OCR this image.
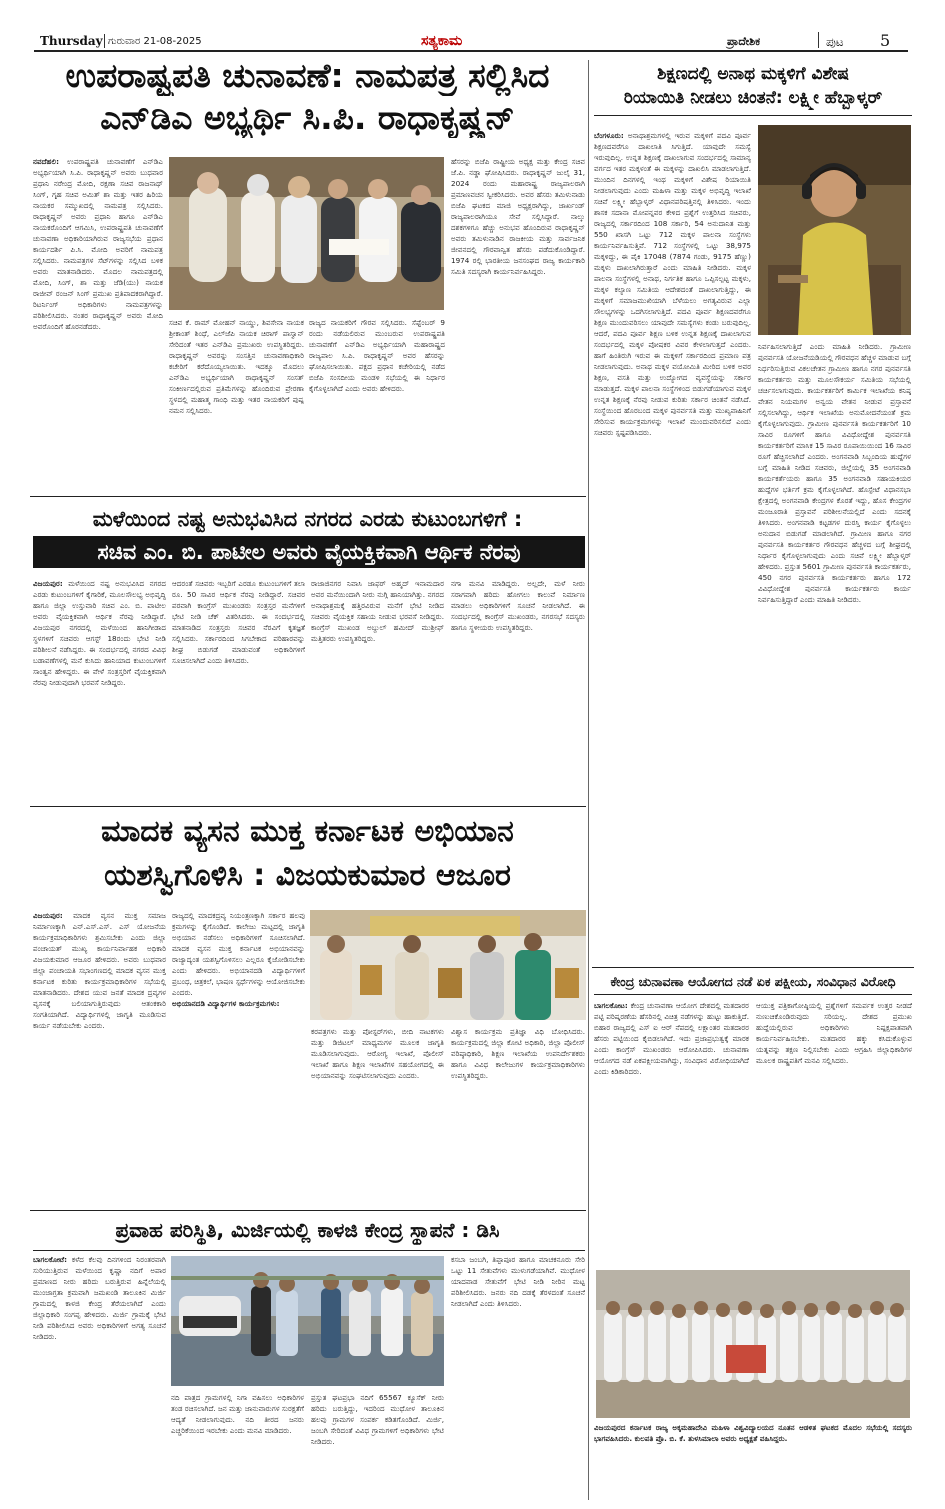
Thursday ಗುರುವಾರ 21-08-2025	ಸತ್ಯಕಾಮ	ಪ್ರಾದೇಶಿಕ	ಪುಟ 5
ಉಪರಾಷ್ಟ್ರಪತಿ ಚುನಾವಣೆ: ನಾಮಪತ್ರ ಸಲ್ಲಿಸಿದ
ಎನ್‌ಡಿಎ ಅಭ್ಯರ್ಥಿ ಸಿ.ಪಿ. ರಾಧಾಕೃಷ್ಣನ್
ನವದೆಹಲಿ: ಉಪರಾಷ್ಟ್ರಪತಿ ಚುನಾವಣೆಗೆ ಎನ್‌ಡಿಎ ಅಭ್ಯರ್ಥಿಯಾಗಿ ಸಿ.ಪಿ. ರಾಧಾಕೃಷ್ಣನ್ ಅವರು ಬುಧವಾರ ಪ್ರಧಾನಿ ನರೇಂದ್ರ ಮೋದಿ, ರಕ್ಷಣಾ ಸಚಿವ ರಾಜನಾಥ್ ಸಿಂಗ್, ಗೃಹ ಸಚಿವ ಅಮಿತ್ ಶಾ ಮತ್ತು ಇತರ ಹಿರಿಯ ನಾಯಕರ ಸಮ್ಮುಖದಲ್ಲಿ ನಾಮಪತ್ರ ಸಲ್ಲಿಸಿದರು. ರಾಧಾಕೃಷ್ಣನ್ ಅವರು ಪ್ರಧಾನಿ ಹಾಗೂ ಎನ್‌ಡಿಎ ನಾಯಕರೊಂದಿಗೆ ಆಗಮಿಸಿ, ಉಪರಾಷ್ಟ್ರಪತಿ ಚುನಾವಣೆಗೆ ಚುನಾವಣಾ ಅಧಿಕಾರಿಯಾಗಿರುವ ರಾಜ್ಯಸಭೆಯ ಪ್ರಧಾನ ಕಾರ್ಯದರ್ಶಿ ಪಿ.ಸಿ. ಮೋದಿ ಅವರಿಗೆ ನಾಮಪತ್ರ ಸಲ್ಲಿಸಿದರು. ನಾಮಪತ್ರಗಳ ಸೆಟ್‌ಗಳನ್ನು ಸಲ್ಲಿಸಿದ ಬಳಿಕ ಅವರು ಮಾತನಾಡಿದರು. ಮೊದಲ ನಾಮಪತ್ರದಲ್ಲಿ ಮೋದಿ, ಸಿಂಗ್, ಶಾ ಮತ್ತು ಜೆಡಿ(ಯು) ನಾಯಕ ರಾಜೀವ್ ರಂಜನ್ ಸಿಂಗ್ ಪ್ರಮುಖ ಪ್ರತಿಪಾದಕರಾಗಿದ್ದಾರೆ. ರಿಟರ್ನಿಂಗ್ ಅಧಿಕಾರಿಗಳು ನಾಮಪತ್ರಗಳನ್ನು ಪರಿಶೀಲಿಸಿದರು. ನಂತರ ರಾಧಾಕೃಷ್ಣನ್ ಅವರು ಮೋದಿ ಅವರೊಂದಿಗೆ ಹೊರನಡೆದರು.	ಸಚಿವ ಕೆ. ರಾಮ್ ಮೋಹನ್ ನಾಯ್ಡು, ಶಿವಸೇನಾ ನಾಯಕ ಶ್ರೀಕಾಂತ್ ಶಿಂಧೆ, ಎಲ್‌ಜೆಪಿ ನಾಯಕ ಚಿರಾಗ್ ಪಾಸ್ವಾನ್ ಸೇರಿದಂತೆ ಇತರ ಎನ್‌ಡಿಎ ಪ್ರಮುಖರು ಉಪಸ್ಥಿತರಿದ್ದರು. ರಾಧಾಕೃಷ್ಣನ್ ಅವರನ್ನು ಸಂಸತ್ತಿನ ಚುನಾವಣಾಧಿಕಾರಿ ಕಚೇರಿಗೆ ಕರೆದೊಯ್ಯಲಾಯಿತು. ಇದಕ್ಕೂ ಮೊದಲು ಎನ್‌ಡಿಎ ಅಭ್ಯರ್ಥಿಯಾಗಿ ರಾಧಾಕೃಷ್ಣನ್ ಸಂಸತ್ ಸಂಕೀರ್ಣದಲ್ಲಿರುವ ಪ್ರತಿಮೆಗಳನ್ನು ಹೊಂದಿರುವ ಪ್ರೇರಣಾ ಸ್ಥಳದಲ್ಲಿ ಮಹಾತ್ಮ ಗಾಂಧಿ ಮತ್ತು ಇತರ ನಾಯಕರಿಗೆ ಪುಷ್ಪ ನಮನ ಸಲ್ಲಿಸಿದರು.
ರಾಜ್ಯದ ನಾಯಕರಿಗೆ ಗೌರವ ಸಲ್ಲಿಸಿದರು. ಸೆಪ್ಟೆಂಬರ್ 9 ರಂದು ನಡೆಯಲಿರುವ ಮುಂಬರುವ ಉಪರಾಷ್ಟ್ರಪತಿ ಚುನಾವಣೆಗೆ ಎನ್‌ಡಿಎ ಅಭ್ಯರ್ಥಿಯಾಗಿ ಮಹಾರಾಷ್ಟ್ರದ ರಾಜ್ಯಪಾಲ ಸಿ.ಪಿ. ರಾಧಾಕೃಷ್ಣನ್ ಅವರ ಹೆಸರನ್ನು ಘೋಷಿಸಲಾಯಿತು. ಪಕ್ಷದ ಪ್ರಧಾನ ಕಚೇರಿಯಲ್ಲಿ ನಡೆದ ಬಿಜೆಪಿ ಸಂಸದೀಯ ಮಂಡಳಿ ಸಭೆಯಲ್ಲಿ ಈ ನಿರ್ಧಾರ ಕೈಗೊಳ್ಳಲಾಗಿದೆ ಎಂದು ಅವರು ಹೇಳಿದರು.
ಹೆಸರನ್ನು ಬಿಜೆಪಿ ರಾಷ್ಟ್ರೀಯ ಅಧ್ಯಕ್ಷ ಮತ್ತು ಕೇಂದ್ರ ಸಚಿವ ಜೆ.ಪಿ. ನಡ್ಡಾ ಘೋಷಿಸಿದರು. ರಾಧಾಕೃಷ್ಣನ್ ಜುಲೈ 31, 2024 ರಂದು ಮಹಾರಾಷ್ಟ್ರ ರಾಜ್ಯಪಾಲರಾಗಿ ಪ್ರಮಾಣವಚನ ಸ್ವೀಕರಿಸಿದರು. ಅವರ ಹೆಸರು ತಮಿಳುನಾಡು ಬಿಜೆಪಿ ಘಟಕದ ಮಾಜಿ ಅಧ್ಯಕ್ಷರಾಗಿದ್ದು, ಜಾರ್ಖಂಡ್ ರಾಜ್ಯಪಾಲರಾಗಿಯೂ ಸೇವೆ ಸಲ್ಲಿಸಿದ್ದಾರೆ. ನಾಲ್ಕು ದಶಕಗಳಿಗೂ ಹೆಚ್ಚು ಅನುಭವ ಹೊಂದಿರುವ ರಾಧಾಕೃಷ್ಣನ್ ಅವರು ತಮಿಳುನಾಡಿನ ರಾಜಕೀಯ ಮತ್ತು ಸಾರ್ವಜನಿಕ ಜೀವನದಲ್ಲಿ ಗೌರವಾನ್ವಿತ ಹೆಸರು ಪಡೆದುಕೊಂಡಿದ್ದಾರೆ. 1974 ರಲ್ಲಿ ಭಾರತೀಯ ಜನಸಂಘದ ರಾಜ್ಯ ಕಾರ್ಯಕಾರಿ ಸಮಿತಿ ಸದಸ್ಯರಾಗಿ ಕಾರ್ಯನಿರ್ವಹಿಸಿದ್ದರು.
ಶಿಕ್ಷಣದಲ್ಲಿ ಅನಾಥ ಮಕ್ಕಳಿಗೆ ವಿಶೇಷ
ರಿಯಾಯಿತಿ ನೀಡಲು ಚಿಂತನೆ: ಲಕ್ಷ್ಮೀ ಹೆಬ್ಬಾಳ್ಕರ್
ಬೆಂಗಳೂರು: ಅನಾಥಾಶ್ರಮಗಳಲ್ಲಿ ಇರುವ ಮಕ್ಕಳಿಗೆ ಪದವಿ ಪೂರ್ವ ಶಿಕ್ಷಣದವರೆಗೂ ದಾಖಲಾತಿ ಸಿಗುತ್ತಿದೆ. ಯಾವುದೇ ಸಮಸ್ಯೆ ಇರುವುದಿಲ್ಲ. ಉನ್ನತ ಶಿಕ್ಷಣಕ್ಕೆ ದಾಖಲಾಗುವ ಸಂದರ್ಭದಲ್ಲಿ ಸಾಮಾನ್ಯ ವರ್ಗದ ಇತರ ಮಕ್ಕಳಂತೆ ಈ ಮಕ್ಕಳನ್ನು ದಾಖಲಿಸಿ ಮಾಡಲಾಗುತ್ತಿದೆ. ಮುಂದಿನ ದಿನಗಳಲ್ಲಿ ಇಂಥ ಮಕ್ಕಳಿಗೆ ವಿಶೇಷ ರಿಯಾಯಿತಿ ನೀಡಲಾಗುವುದು ಎಂದು ಮಹಿಳಾ ಮತ್ತು ಮಕ್ಕಳ ಅಭಿವೃದ್ಧಿ ಇಲಾಖೆ ಸಚಿವೆ ಲಕ್ಷ್ಮೀ ಹೆಬ್ಬಾಳ್ಕರ್ ವಿಧಾನಪರಿಷತ್ತಿನಲ್ಲಿ ತಿಳಿಸಿದರು. ಇಂದು ಶಾಸಕ ಸದಾನಾ ಮೋಪನ್ನವರ ಕೇಳಿದ ಪ್ರಶ್ನೆಗೆ ಉತ್ತರಿಸಿದ ಸಚಿವರು, ರಾಜ್ಯದಲ್ಲಿ ಸರ್ಕಾರದಿಂದ 108 ಸರ್ಕಾರಿ, 54 ಅನುದಾನಿತ ಮತ್ತು 550 ಖಾಸಗಿ ಒಟ್ಟು 712 ಮಕ್ಕಳ ಪಾಲನಾ ಸಂಸ್ಥೆಗಳು ಕಾರ್ಯನಿರ್ವಹಿಸುತ್ತಿವೆ. 712 ಸಂಸ್ಥೆಗಳಲ್ಲಿ ಒಟ್ಟು 38,975 ಮಕ್ಕಳಿದ್ದು, ಈ ಪೈಕಿ 17048 (7874 ಗಂಡು, 9175 ಹೆಣ್ಣು) ಮಕ್ಕಳು ದಾಖಲಾಗಿರುತ್ತಾರೆ ಎಂದು ಮಾಹಿತಿ ನೀಡಿದರು. ಮಕ್ಕಳ ಪಾಲನಾ ಸಂಸ್ಥೆಗಳಲ್ಲಿ ಅನಾಥ, ನಿರ್ಗತಿಕ ಹಾಗೂ ಒಪ್ಪಿಸಲ್ಪಟ್ಟ ಮಕ್ಕಳು, ಮಕ್ಕಳ ಕಲ್ಯಾಣ ಸಮಿತಿಯ ಆದೇಶದಂತೆ ದಾಖಲಾಗುತ್ತಿದ್ದು, ಈ ಮಕ್ಕಳಿಗೆ ಸಮಾಜಮುಖಿಯಾಗಿ ಬೆಳೆಯಲು ಅಗತ್ಯವಿರುವ ಎಲ್ಲಾ ಸೌಲಭ್ಯಗಳನ್ನು ಒದಗಿಸಲಾಗುತ್ತಿದೆ. ಪದವಿ ಪೂರ್ವ ಶಿಕ್ಷಣದವರೆಗೂ ಶಿಕ್ಷಣ ಮುಂದುವರಿಸಲು ಯಾವುದೇ ಸಮಸ್ಯೆಗಳು ಕಂಡು ಬರುವುದಿಲ್ಲ. ಆದರೆ, ಪದವಿ ಪೂರ್ವ ಶಿಕ್ಷಣ ಬಳಿಕ ಉನ್ನತ ಶಿಕ್ಷಣಕ್ಕೆ ದಾಖಲಾಗುವ ಸಂದರ್ಭದಲ್ಲಿ ಮಕ್ಕಳ ಪೋಷಕರ ವಿವರ ಕೇಳಲಾಗುತ್ತದೆ ಎಂದರು. ಹಾಗೆ ಹಿಂತಿರುಗಿ ಇರುವ ಈ ಮಕ್ಕಳಿಗೆ ಸರ್ಕಾರದಿಂದ ಪ್ರಮಾಣ ಪತ್ರ ನೀಡಲಾಗುವುದು. ಅನಾಥ ಮಕ್ಕಳ ವಯೋಮಿತಿ ಮೀರಿದ ಬಳಿಕ ಅವರ ಶಿಕ್ಷಣ, ವಸತಿ ಮತ್ತು ಉದ್ಯೋಗದ ವ್ಯವಸ್ಥೆಯನ್ನು ಸರ್ಕಾರ ಮಾಡುತ್ತದೆ. ಮಕ್ಕಳ ಪಾಲನಾ ಸಂಸ್ಥೆಗಳಿಂದ ಬಿಡುಗಡೆಯಾಗುವ ಮಕ್ಕಳ ಉನ್ನತ ಶಿಕ್ಷಣಕ್ಕೆ ನೆರವು ನೀಡುವ ಕುರಿತು ಸರ್ಕಾರ ಚಿಂತನೆ ನಡೆಸಿದೆ. ಸಂಸ್ಥೆಯಿಂದ ಹೊರಬಂದ ಮಕ್ಕಳ ಪುನರ್ವಸತಿ ಮತ್ತು ಮುಖ್ಯವಾಹಿನಿಗೆ ಸೇರಿಸುವ ಕಾರ್ಯಕ್ರಮಗಳನ್ನು ಇಲಾಖೆ ಮುಂದುವರಿಸಲಿದೆ ಎಂದು ಸಚಿವರು ಸ್ಪಷ್ಟಪಡಿಸಿದರು.
ನಿರ್ವಹಿಸಲಾಗುತ್ತಿದೆ ಎಂದು ಮಾಹಿತಿ ನೀಡಿದರು. ಗ್ರಾಮೀಣ ಪುನರ್ವಸತಿ ಯೋಜನೆಯಡಿಯಲ್ಲಿ ಗೌರವಧನ ಹೆಚ್ಚಳ ಮಾಡುವ ಬಗ್ಗೆ ನಿರ್ಧರಿಸುತ್ತಿರುವ ವಿಕಲಚೇತನ ಗ್ರಾಮೀಣ ಹಾಗೂ ನಗರ ಪುನರ್ವಸತಿ ಕಾರ್ಯಕರ್ತರು ಮತ್ತು ಮೂಲಸೌಕರ್ಯ ಸಮಿತಿಯ ಸಭೆಯಲ್ಲಿ ಚರ್ಚಿಸಲಾಗುವುದು. ಕಾರ್ಯಕರ್ತರಿಗೆ ಕಾರ್ಮಿಕ ಇಲಾಖೆಯ ಕನಿಷ್ಠ ವೇತನ ನಿಯಮಗಳ ಅನ್ವಯ ವೇತನ ನೀಡುವ ಪ್ರಸ್ತಾವನೆ ಸಲ್ಲಿಸಲಾಗಿದ್ದು, ಆರ್ಥಿಕ ಇಲಾಖೆಯ ಅನುಮೋದನೆಯಂತೆ ಕ್ರಮ ಕೈಗೊಳ್ಳಲಾಗುವುದು. ಗ್ರಾಮೀಣ ಪುನರ್ವಸತಿ ಕಾರ್ಯಕರ್ತರಿಗೆ 10 ಸಾವಿರ ರೂಗಳಿಗೆ ಹಾಗೂ ವಿವಿಧೋದ್ದೇಶ ಪುನರ್ವಸತಿ ಕಾರ್ಯಕರ್ತರಿಗೆ ಮಾಸಿಕ 15 ಸಾವಿರ ರೂಪಾಯಿಯಿಂದ 16 ಸಾವಿರ ರೂಗೆ ಹೆಚ್ಚಿಸಲಾಗಿದೆ ಎಂದರು. ಅಂಗನವಾಡಿ ಸಿಬ್ಬಂದಿಯ ಹುದ್ದೆಗಳ ಬಗ್ಗೆ ಮಾಹಿತಿ ನೀಡಿದ ಸಚಿವರು, ಜಿಲ್ಲೆಯಲ್ಲಿ 35 ಅಂಗನವಾಡಿ ಕಾರ್ಯಕರ್ತೆಯರು ಹಾಗೂ 35 ಅಂಗನವಾಡಿ ಸಹಾಯಕಿಯರ ಹುದ್ದೆಗಳ ಭರ್ತಿಗೆ ಕ್ರಮ ಕೈಗೊಳ್ಳಲಾಗಿದೆ. ಹೊಸ್ಪೇಟೆ ವಿಧಾನಸಭಾ ಕ್ಷೇತ್ರದಲ್ಲಿ ಅಂಗನವಾಡಿ ಕೇಂದ್ರಗಳ ಕೊರತೆ ಇದ್ದು, ಹೊಸ ಕೇಂದ್ರಗಳ ಮಂಜೂರಾತಿ ಪ್ರಸ್ತಾವನೆ ಪರಿಶೀಲನೆಯಲ್ಲಿದೆ ಎಂದು ಸದನಕ್ಕೆ ತಿಳಿಸಿದರು. ಅಂಗನವಾಡಿ ಕಟ್ಟಡಗಳ ದುರಸ್ತಿ ಕಾರ್ಯ ಕೈಗೊಳ್ಳಲು ಅನುದಾನ ಬಿಡುಗಡೆ ಮಾಡಲಾಗಿದೆ. ಗ್ರಾಮೀಣ ಹಾಗೂ ನಗರ ಪುನರ್ವಸತಿ ಕಾರ್ಯಕರ್ತರ ಗೌರವಧನ ಹೆಚ್ಚಳದ ಬಗ್ಗೆ ಶೀಘ್ರದಲ್ಲಿ ನಿರ್ಧಾರ ಕೈಗೊಳ್ಳಲಾಗುವುದು ಎಂದು ಸಚಿವೆ ಲಕ್ಷ್ಮೀ ಹೆಬ್ಬಾಳ್ಕರ್ ಹೇಳಿದರು. ಪ್ರಸ್ತುತ 5601 ಗ್ರಾಮೀಣ ಪುನರ್ವಸತಿ ಕಾರ್ಯಕರ್ತರು, 450 ನಗರ ಪುನರ್ವಸತಿ ಕಾರ್ಯಕರ್ತರು ಹಾಗೂ 172 ವಿವಿಧೋದ್ದೇಶ ಪುನರ್ವಸತಿ ಕಾರ್ಯಕರ್ತರು ಕಾರ್ಯ ನಿರ್ವಹಿಸುತ್ತಿದ್ದಾರೆ ಎಂದು ಮಾಹಿತಿ ನೀಡಿದರು.
ಮಳೆಯಿಂದ ನಷ್ಟ ಅನುಭವಿಸಿದ ನಗರದ ಎರಡು ಕುಟುಂಬಗಳಿಗೆ :
ಸಚಿವ ಎಂ. ಬಿ. ಪಾಟೀಲ ಅವರು ವೈಯಕ್ತಿಕವಾಗಿ ಆರ್ಥಿಕ ನೆರವು
ವಿಜಯಪುರ: ಮಳೆಯಿಂದ ನಷ್ಟ ಅನುಭವಿಸಿದ ನಗರದ ಎರಡು ಕುಟುಂಬಗಳಿಗೆ ಕೈಗಾರಿಕೆ, ಮೂಲಸೌಲಭ್ಯ ಅಭಿವೃದ್ಧಿ ಹಾಗೂ ಜಿಲ್ಲಾ ಉಸ್ತುವಾರಿ ಸಚಿವ ಎಂ. ಬಿ. ಪಾಟೀಲ ಅವರು ವೈಯಕ್ತಿಕವಾಗಿ ಆರ್ಥಿಕ ನೆರವು ನೀಡಿದ್ದಾರೆ. ವಿಜಯಪುರ ನಗರದಲ್ಲಿ ಮಳೆಯಿಂದ ಹಾನಿಗೀಡಾದ ಸ್ಥಳಗಳಿಗೆ ಸಚಿವರು ಆಗಸ್ಟ್ 18ರಂದು ಭೇಟಿ ನೀಡಿ ಪರಿಶೀಲನೆ ನಡೆಸಿದ್ದರು. ಈ ಸಂದರ್ಭದಲ್ಲಿ ನಗರದ ವಿವಿಧ ಬಡಾವಣೆಗಳಲ್ಲಿ ಮನೆ ಕುಸಿದು ಹಾನಿಯಾದ ಕುಟುಂಬಗಳಿಗೆ ಸಾಂತ್ವನ ಹೇಳಿದ್ದರು. ಈ ವೇಳೆ ಸಂತ್ರಸ್ತರಿಗೆ ವೈಯಕ್ತಿಕವಾಗಿ ನೆರವು ನೀಡುವುದಾಗಿ ಭರವಸೆ ನೀಡಿದ್ದರು.
ಆದರಂತೆ ಸಚಿವರು ಇಬ್ಬರಿಗೆ ಎರಡೂ ಕುಟುಂಬಗಳಿಗೆ ತಲಾ ರೂ. 50 ಸಾವಿರ ಆರ್ಥಿಕ ನೆರವು ನೀಡಿದ್ದಾರೆ. ಸಚಿವರ ಪರವಾಗಿ ಕಾಂಗ್ರೆಸ್ ಮುಖಂಡರು ಸಂತ್ರಸ್ತರ ಮನೆಗಳಿಗೆ ಭೇಟಿ ನೀಡಿ ಚೆಕ್ ವಿತರಿಸಿದರು. ಈ ಸಂದರ್ಭದಲ್ಲಿ ಮಾತನಾಡಿದ ಸಂತ್ರಸ್ತರು ಸಚಿವರ ನೆರವಿಗೆ ಕೃತಜ್ಞತೆ ಸಲ್ಲಿಸಿದರು. ಸರ್ಕಾರದಿಂದ ಸಿಗಬೇಕಾದ ಪರಿಹಾರವನ್ನು ಶೀಘ್ರ ಬಿಡುಗಡೆ ಮಾಡುವಂತೆ ಅಧಿಕಾರಿಗಳಿಗೆ ಸೂಚಿಸಲಾಗಿದೆ ಎಂದು ತಿಳಿಸಿದರು.
ರಾಜಾಜಿನಗರ ನಿವಾಸಿ ಜಾಫರ್ ಅಹ್ಮದ್ ಇನಾಮದಾರ ಅವರ ಮನೆಯಿಂದಾಗಿ ನೀರು ನುಗ್ಗಿ ಹಾನಿಯಾಗಿತ್ತು. ನಗರದ ಅನಾಥಾಶ್ರಮಕ್ಕೆ ಹತ್ತಿರವಿರುವ ಮನೆಗೆ ಭೇಟಿ ನೀಡಿದ ಸಚಿವರು ವೈಯಕ್ತಿಕ ಸಹಾಯ ನೀಡುವ ಭರವಸೆ ನೀಡಿದ್ದರು. ಕಾಂಗ್ರೆಸ್ ಮುಖಂಡ ಅಬ್ದುಲ್ ಹಮೀದ್ ಮುಶ್ರೀಫ್ ಮತ್ತಿತರರು ಉಪಸ್ಥಿತರಿದ್ದರು.
ನಗಾ ಮನವಿ ಮಾಡಿದ್ದರು. ಅಲ್ಲದೇ, ಮಳೆ ನೀರು ಸರಾಗವಾಗಿ ಹರಿದು ಹೋಗಲು ಕಾಲುವೆ ನಿರ್ಮಾಣ ಮಾಡಲು ಅಧಿಕಾರಿಗಳಿಗೆ ಸೂಚನೆ ನೀಡಲಾಗಿದೆ. ಈ ಸಂದರ್ಭದಲ್ಲಿ ಕಾಂಗ್ರೆಸ್ ಮುಖಂಡರು, ನಗರಸಭೆ ಸದಸ್ಯರು ಹಾಗೂ ಸ್ಥಳೀಯರು ಉಪಸ್ಥಿತರಿದ್ದರು.
ಮಾದಕ ವ್ಯಸನ ಮುಕ್ತ ಕರ್ನಾಟಕ ಅಭಿಯಾನ
ಯಶಸ್ವಿಗೊಳಿಸಿ : ವಿಜಯಕುಮಾರ ಆಜೂರ
ವಿಜಯಪುರ: ಮಾದಕ ವ್ಯಸನ ಮುಕ್ತ ಸಮಾಜ ನಿರ್ಮಾಣಕ್ಕಾಗಿ ಎನ್.ಎಸ್.ಎಸ್. ಎಸ್ ಯೋಜನೆಯ ಕಾರ್ಯಕ್ರಮಾಧಿಕಾರಿಗಳು ಶ್ರಮಿಸಬೇಕು ಎಂದು ಜಿಲ್ಲಾ ಪಂಚಾಯತ್ ಮುಖ್ಯ ಕಾರ್ಯನಿರ್ವಾಹಕ ಅಧಿಕಾರಿ ವಿಜಯಕುಮಾರ ಆಜೂರ ಹೇಳಿದರು. ಅವರು ಬುಧವಾರ ಜಿಲ್ಲಾ ಪಂಚಾಯತಿ ಸಭಾಂಗಣದಲ್ಲಿ ಮಾದಕ ವ್ಯಸನ ಮುಕ್ತ ಕರ್ನಾಟಕ ಕುರಿತು ಕಾರ್ಯಕ್ರಮಾಧಿಕಾರಿಗಳ ಸಭೆಯಲ್ಲಿ ಮಾತನಾಡಿದರು. ದೇಶದ ಯುವ ಜನತೆ ಮಾದಕ ದ್ರವ್ಯಗಳ ವ್ಯಸನಕ್ಕೆ ಬಲಿಯಾಗುತ್ತಿರುವುದು ಆತಂಕಕಾರಿ ಸಂಗತಿಯಾಗಿದೆ. ವಿದ್ಯಾರ್ಥಿಗಳಲ್ಲಿ ಜಾಗೃತಿ ಮೂಡಿಸುವ ಕಾರ್ಯ ನಡೆಯಬೇಕು ಎಂದರು.
ರಾಜ್ಯದಲ್ಲಿ ಮಾದಕದ್ರವ್ಯ ನಿಯಂತ್ರಣಕ್ಕಾಗಿ ಸರ್ಕಾರ ಹಲವು ಕ್ರಮಗಳನ್ನು ಕೈಗೊಂಡಿದೆ. ಕಾಲೇಜು ಮಟ್ಟದಲ್ಲಿ ಜಾಗೃತಿ ಅಭಿಯಾನ ನಡೆಸಲು ಅಧಿಕಾರಿಗಳಿಗೆ ಸೂಚಿಸಲಾಗಿದೆ. ಮಾದಕ ವ್ಯಸನ ಮುಕ್ತ ಕರ್ನಾಟಕ ಅಭಿಯಾನವನ್ನು ರಾಜ್ಯಾದ್ಯಂತ ಯಶಸ್ವಿಗೊಳಿಸಲು ಎಲ್ಲರೂ ಕೈಜೋಡಿಸಬೇಕು ಎಂದು ಹೇಳಿದರು. ಅಭಿಯಾನದಡಿ ವಿದ್ಯಾರ್ಥಿಗಳಿಗೆ ಪ್ರಬಂಧ, ಚಿತ್ರಕಲೆ, ಭಾಷಣ ಸ್ಪರ್ಧೆಗಳನ್ನು ಆಯೋಜಿಸಬೇಕು ಎಂದರು.
ಅಭಿಯಾನದಡಿ ವಿದ್ಯಾರ್ಥಿಗಳ ಕಾರ್ಯಕ್ರಮಗಳು:
ಕರಪತ್ರಗಳು ಮತ್ತು ಪೋಸ್ಟರ್‌ಗಳು, ಬೀದಿ ನಾಟಕಗಳು ಮತ್ತು ಡಿಜಿಟಲ್ ಮಾಧ್ಯಮಗಳ ಮೂಲಕ ಜಾಗೃತಿ ಮೂಡಿಸಲಾಗುವುದು. ಆರೋಗ್ಯ ಇಲಾಖೆ, ಪೊಲೀಸ್ ಇಲಾಖೆ ಹಾಗೂ ಶಿಕ್ಷಣ ಇಲಾಖೆಗಳ ಸಹಯೋಗದಲ್ಲಿ ಈ ಅಭಿಯಾನವನ್ನು ಸಂಘಟಿಸಲಾಗುವುದು ಎಂದರು.
ವಿಶ್ವಾಸ ಕಾರ್ಯಕ್ರಮ ಪ್ರತಿಜ್ಞಾ ವಿಧಿ ಬೋಧಿಸಿದರು. ಕಾರ್ಯಕ್ರಮದಲ್ಲಿ ಜಿಲ್ಲಾ ಕೋಟಿ ಅಧಿಕಾರಿ, ಜಿಲ್ಲಾ ಪೊಲೀಸ್ ವರಿಷ್ಠಾಧಿಕಾರಿ, ಶಿಕ್ಷಣ ಇಲಾಖೆಯ ಉಪನಿರ್ದೇಶಕರು ಹಾಗೂ ವಿವಿಧ ಕಾಲೇಜುಗಳ ಕಾರ್ಯಕ್ರಮಾಧಿಕಾರಿಗಳು ಉಪಸ್ಥಿತರಿದ್ದರು.
ಕೇಂದ್ರ ಚುನಾವಣಾ ಆಯೋಗದ ನಡೆ ಏಕ ಪಕ್ಷೀಯ, ಸಂವಿಧಾನ ವಿರೋಧಿ
ಬಾಗಲಕೋಟ: ಕೇಂದ್ರ ಚುನಾವಣಾ ಆಯೋಗ ದೇಶದಲ್ಲಿ ಮತದಾರರ ಪಟ್ಟಿ ಪರಿಷ್ಕರಣೆಯ ಹೆಸರಿನಲ್ಲಿ ವಿಚಿತ್ರ ನಡೆಗಳನ್ನು ಹುಟ್ಟು ಹಾಕುತ್ತಿದೆ. ಬಿಹಾರ ರಾಜ್ಯದಲ್ಲಿ ಎಸ್ ಐ ಆರ್ ನೆಪದಲ್ಲಿ ಲಕ್ಷಾಂತರ ಮತದಾರರ ಹೆಸರು ಪಟ್ಟಿಯಿಂದ ಕೈಬಿಡಲಾಗಿದೆ. ಇದು ಪ್ರಜಾಪ್ರಭುತ್ವಕ್ಕೆ ಮಾರಕ ಎಂದು ಕಾಂಗ್ರೆಸ್ ಮುಖಂಡರು ಆರೋಪಿಸಿದರು. ಚುನಾವಣಾ ಆಯೋಗದ ನಡೆ ಏಕಪಕ್ಷೀಯವಾಗಿದ್ದು, ಸಂವಿಧಾನ ವಿರೋಧಿಯಾಗಿದೆ ಎಂದು ಕಿಡಿಕಾರಿದರು.
ಆಯುಕ್ತ ಪತ್ರಿಕಾಗೋಷ್ಠಿಯಲ್ಲಿ ಪ್ರಶ್ನೆಗಳಿಗೆ ಸಮರ್ಪಕ ಉತ್ತರ ನೀಡದೆ ನುಣುಚಿಕೊಂಡಿರುವುದು ಸರಿಯಲ್ಲ. ದೇಶದ ಪ್ರಮುಖ ಹುದ್ದೆಯಲ್ಲಿರುವ ಅಧಿಕಾರಿಗಳು ನಿಷ್ಪಕ್ಷಪಾತವಾಗಿ ಕಾರ್ಯನಿರ್ವಹಿಸಬೇಕು. ಮತದಾರರ ಹಕ್ಕು ಕಸಿದುಕೊಳ್ಳುವ ಯತ್ನವನ್ನು ತಕ್ಷಣ ನಿಲ್ಲಿಸಬೇಕು ಎಂದು ಆಗ್ರಹಿಸಿ ಜಿಲ್ಲಾಧಿಕಾರಿಗಳ ಮೂಲಕ ರಾಷ್ಟ್ರಪತಿಗೆ ಮನವಿ ಸಲ್ಲಿಸಿದರು.
ವಿಜಯಪುರದ ಕರ್ನಾಟಕ ರಾಜ್ಯ ಅಕ್ಕಮಹಾದೇವಿ ಮಹಿಳಾ ವಿಶ್ವವಿದ್ಯಾಲಯದ ನೂತನ ಆಡಳಿತ ಘಟಕದ ಮೊದಲ ಸಭೆಯಲ್ಲಿ ಸದಸ್ಯರು ಭಾಗವಹಿಸಿದರು. ಕುಲಪತಿ ಪ್ರೊ. ಬಿ. ಕೆ. ತುಳಸಿಮಾಲಾ ಅವರು ಅಧ್ಯಕ್ಷತೆ ವಹಿಸಿದ್ದರು.
ಪ್ರವಾಹ ಪರಿಸ್ಥಿತಿ, ಮಿರ್ಜಿಯಲ್ಲಿ ಕಾಳಜಿ ಕೇಂದ್ರ ಸ್ಥಾಪನೆ : ಡಿಸಿ
ಬಾಗಲಕೋಟೆ: ಕಳೆದ ಕೆಲವು ದಿನಗಳಿಂದ ನಿರಂತರವಾಗಿ ಸುರಿಯುತ್ತಿರುವ ಮಳೆಯಿಂದ ಕೃಷ್ಣಾ ನದಿಗೆ ಅಪಾರ ಪ್ರಮಾಣದ ನೀರು ಹರಿದು ಬರುತ್ತಿರುವ ಹಿನ್ನೆಲೆಯಲ್ಲಿ ಮುಂಜಾಗ್ರತಾ ಕ್ರಮವಾಗಿ ಜಮಖಂಡಿ ತಾಲೂಕಿನ ಮಿರ್ಜಿ ಗ್ರಾಮದಲ್ಲಿ ಕಾಳಜಿ ಕೇಂದ್ರ ತೆರೆಯಲಾಗಿದೆ ಎಂದು ಜಿಲ್ಲಾಧಿಕಾರಿ ಸಂಗಪ್ಪ ಹೇಳಿದರು. ಮಿರ್ಜಿ ಗ್ರಾಮಕ್ಕೆ ಭೇಟಿ ನೀಡಿ ಪರಿಶೀಲಿಸಿದ ಅವರು ಅಧಿಕಾರಿಗಳಿಗೆ ಅಗತ್ಯ ಸೂಚನೆ ನೀಡಿದರು.
ನದಿ ಪಾತ್ರದ ಗ್ರಾಮಗಳಲ್ಲಿ ನಿಗಾ ವಹಿಸಲು ಅಧಿಕಾರಿಗಳ ತಂಡ ರಚಿಸಲಾಗಿದೆ. ಜನ ಮತ್ತು ಜಾನುವಾರುಗಳ ಸುರಕ್ಷತೆಗೆ ಆದ್ಯತೆ ನೀಡಲಾಗುವುದು. ನದಿ ತೀರದ ಜನರು ಎಚ್ಚರಿಕೆಯಿಂದ ಇರಬೇಕು ಎಂದು ಮನವಿ ಮಾಡಿದರು.
ಪ್ರಸ್ತುತ ಘಟಪ್ರಭಾ ನದಿಗೆ 65567 ಕ್ಯೂಸೆಕ್ ನೀರು ಹರಿದು ಬರುತ್ತಿದ್ದು, ಇದರಿಂದ ಮುಧೋಳ ತಾಲೂಕಿನ ಹಲವು ಗ್ರಾಮಗಳ ಸಂಪರ್ಕ ಕಡಿತಗೊಂಡಿದೆ. ಮಿರ್ಜಿ, ಜಂಬಗಿ ಸೇರಿದಂತೆ ವಿವಿಧ ಗ್ರಾಮಗಳಿಗೆ ಅಧಿಕಾರಿಗಳು ಭೇಟಿ ನೀಡಿದರು.
ಕಸಬಾ ಜಂಬಗಿ, ತಿಪ್ಪಾಪೂರ ಹಾಗೂ ಮಾಚಕನೂರು ಸೇರಿ ಒಟ್ಟು 11 ಸೇತುವೆಗಳು ಮುಳುಗಡೆಯಾಗಿವೆ. ಮುಧೋಳ ಯಾದವಾಡ ಸೇತುವೆಗೆ ಭೇಟಿ ನೀಡಿ ನೀರಿನ ಮಟ್ಟ ಪರಿಶೀಲಿಸಿದರು. ಜನರು ನದಿ ದಡಕ್ಕೆ ತೆರಳದಂತೆ ಸೂಚನೆ ನೀಡಲಾಗಿದೆ ಎಂದು ತಿಳಿಸಿದರು.
